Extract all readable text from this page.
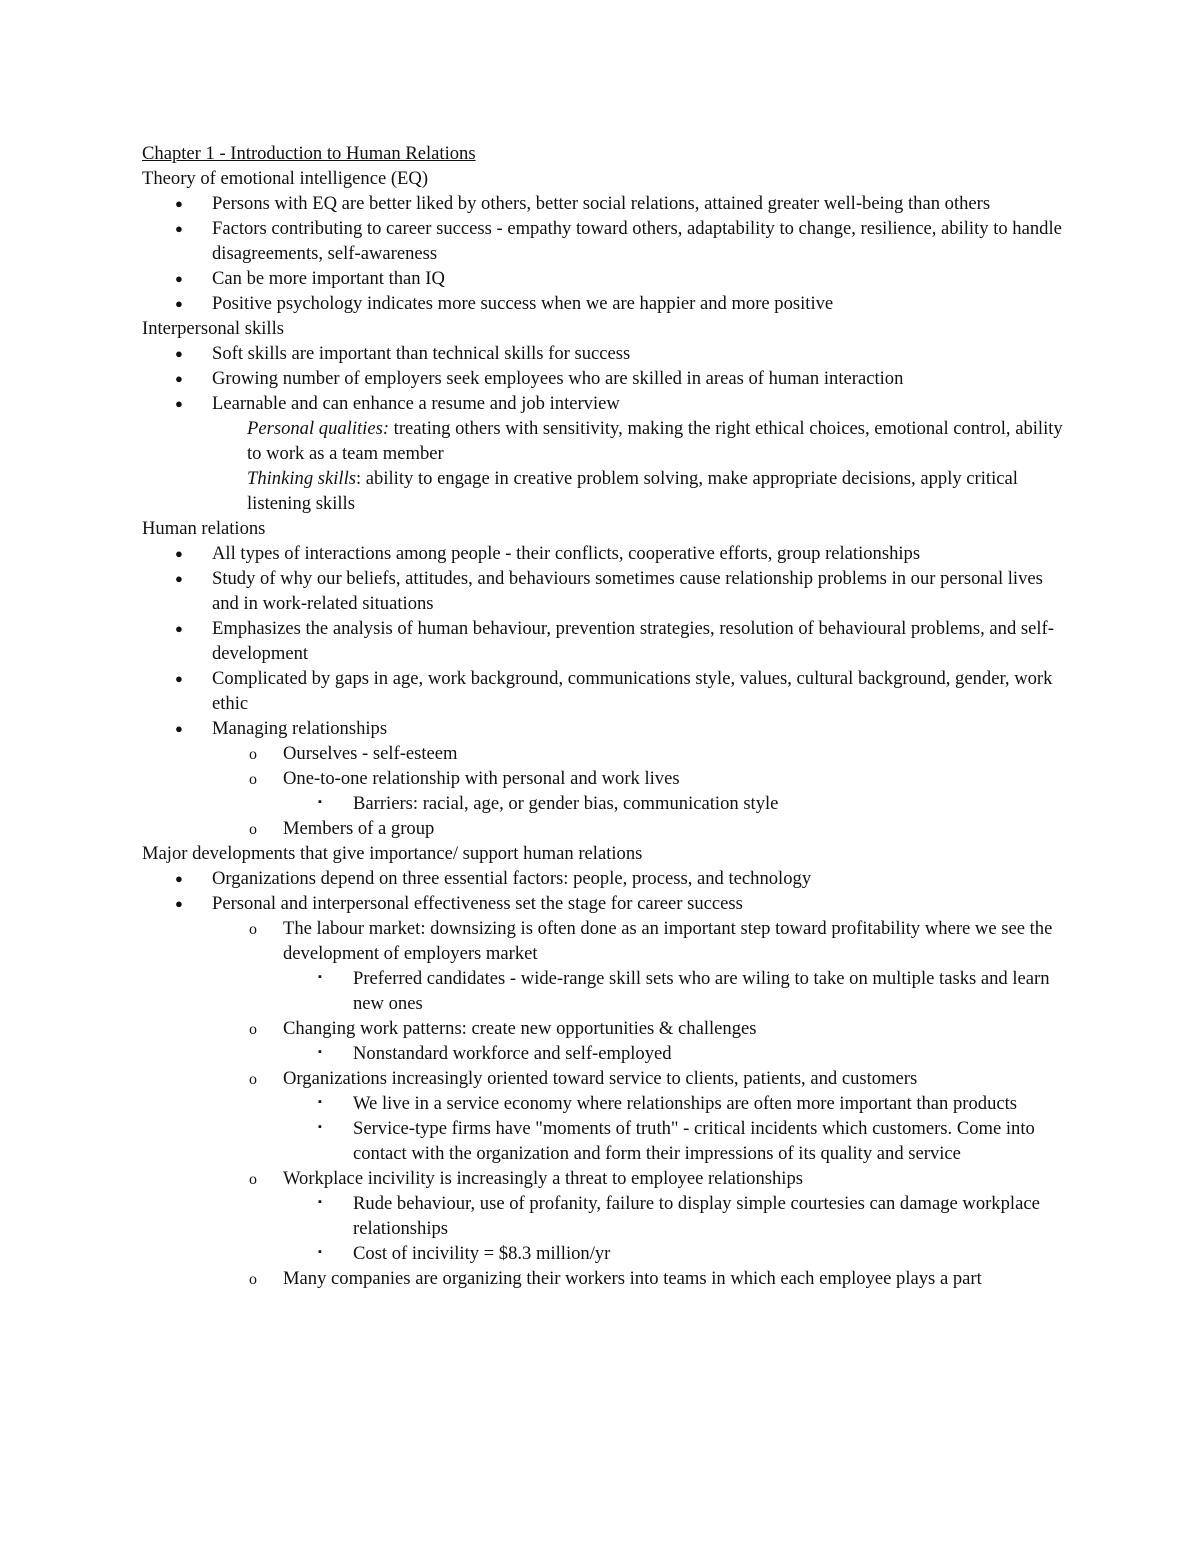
Chapter 1 - Introduction to Human Relations
Theory of emotional intelligence (EQ)
● Persons with EQ are better liked by others, better social relations, attained greater well-being than others
● Factors contributing to career success - empathy toward others, adaptability to change, resilience, ability to handle disagreements, self-awareness
● Can be more important than IQ
● Positive psychology indicates more success when we are happier and more positive
Interpersonal skills
● Soft skills are important than technical skills for success
● Growing number of employers seek employees who are skilled in areas of human interaction
● Learnable and can enhance a resume and job interview
Personal qualities: treating others with sensitivity, making the right ethical choices, emotional control, ability to work as a team member
Thinking skills: ability to engage in creative problem solving, make appropriate decisions, apply critical listening skills
Human relations
● All types of interactions among people - their conflicts, cooperative efforts, group relationships
● Study of why our beliefs, attitudes, and behaviours sometimes cause relationship problems in our personal lives and in work-related situations
● Emphasizes the analysis of human behaviour, prevention strategies, resolution of behavioural problems, and self-development
● Complicated by gaps in age, work background, communications style, values, cultural background, gender, work ethic
● Managing relationships
o Ourselves - self-esteem
o One-to-one relationship with personal and work lives
▪ Barriers: racial, age, or gender bias, communication style
o Members of a group
Major developments that give importance/ support human relations
● Organizations depend on three essential factors: people, process, and technology
● Personal and interpersonal effectiveness set the stage for career success
o The labour market: downsizing is often done as an important step toward profitability where we see the development of employers market
▪ Preferred candidates - wide-range skill sets who are wiling to take on multiple tasks and learn new ones
o Changing work patterns: create new opportunities & challenges
▪ Nonstandard workforce and self-employed
o Organizations increasingly oriented toward service to clients, patients, and customers
▪ We live in a service economy where relationships are often more important than products
▪ Service-type firms have "moments of truth" - critical incidents which customers. Come into contact with the organization and form their impressions of its quality and service
o Workplace incivility is increasingly a threat to employee relationships
▪ Rude behaviour, use of profanity, failure to display simple courtesies can damage workplace relationships
▪ Cost of incivility = $8.3 million/yr
o Many companies are organizing their workers into teams in which each employee plays a part
